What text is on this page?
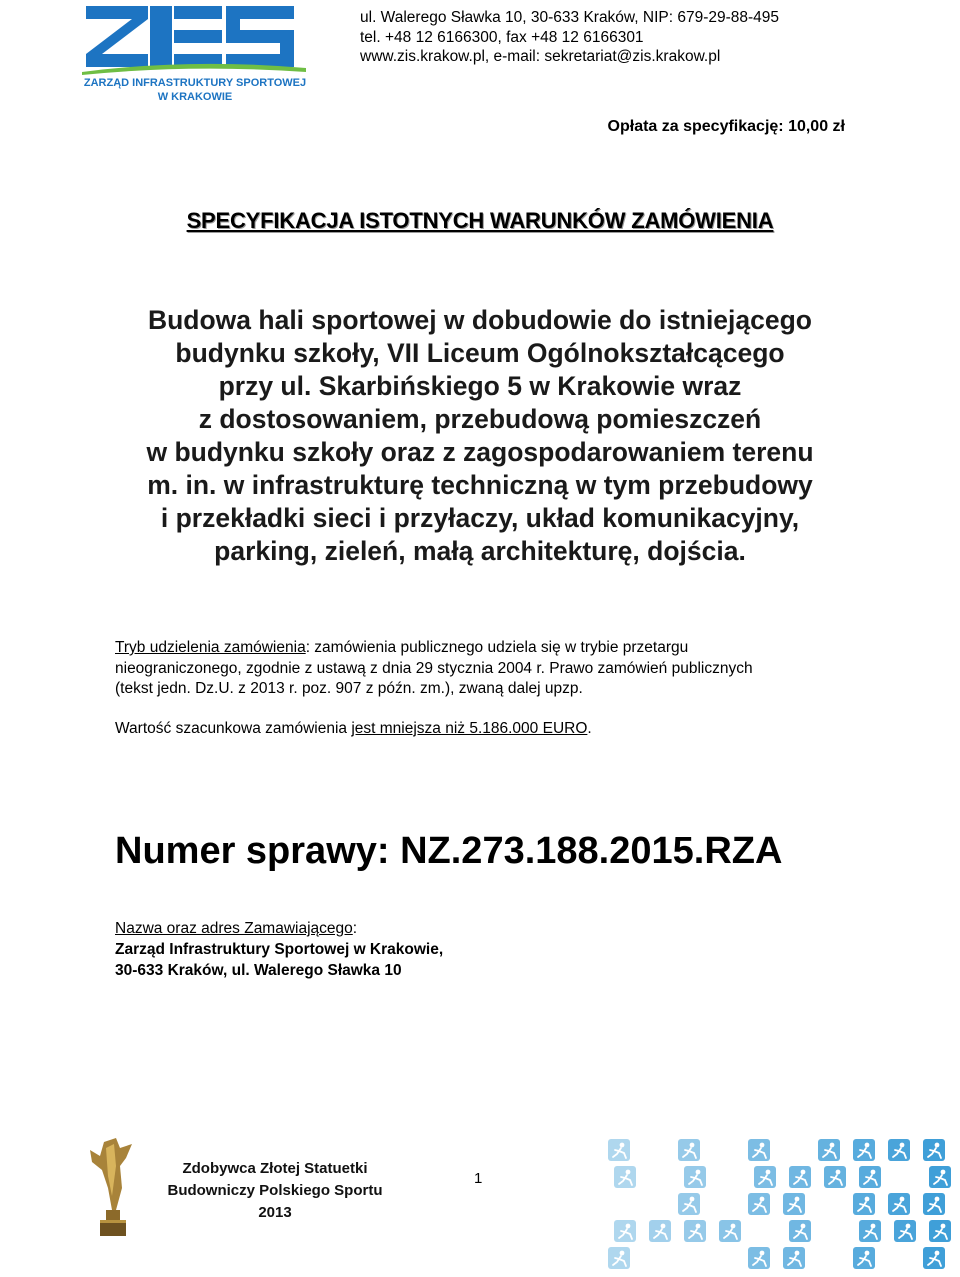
ZARZĄD INFRASTRUKTURY SPORTOWEJ
W KRAKOWIE
ul. Walerego Sławka 10, 30-633 Kraków, NIP: 679-29-88-495
tel. +48 12 6166300, fax +48 12 6166301
www.zis.krakow.pl, e-mail: sekretariat@zis.krakow.pl
Opłata za specyfikację: 10,00 zł
SPECYFIKACJA ISTOTNYCH WARUNKÓW ZAMÓWIENIA
Budowa hali sportowej w dobudowie do istniejącego
budynku szkoły, VII Liceum Ogólnokształcącego
przy ul. Skarbińskiego 5 w Krakowie wraz
z dostosowaniem, przebudową pomieszczeń
w budynku szkoły oraz z zagospodarowaniem terenu
m. in. w infrastrukturę techniczną w tym przebudowy
i przekładki sieci i przyłaczy, układ komunikacyjny,
parking, zieleń, małą architekturę, dojścia.
Tryb udzielenia zamówienia: zamówienia publicznego udziela się w trybie przetargu
nieograniczonego, zgodnie z ustawą z dnia 29 stycznia 2004 r. Prawo zamówień publicznych
(tekst jedn. Dz.U. z 2013 r. poz. 907 z późn. zm.), zwaną dalej upzp.
Wartość szacunkowa zamówienia jest mniejsza niż 5.186.000 EURO.
Numer sprawy: NZ.273.188.2015.RZA
Nazwa oraz adres Zamawiającego:
Zarząd Infrastruktury Sportowej w Krakowie,
30-633 Kraków, ul. Walerego Sławka 10
Zdobywca Złotej Statuetki
Budowniczy Polskiego Sportu
2013
1
